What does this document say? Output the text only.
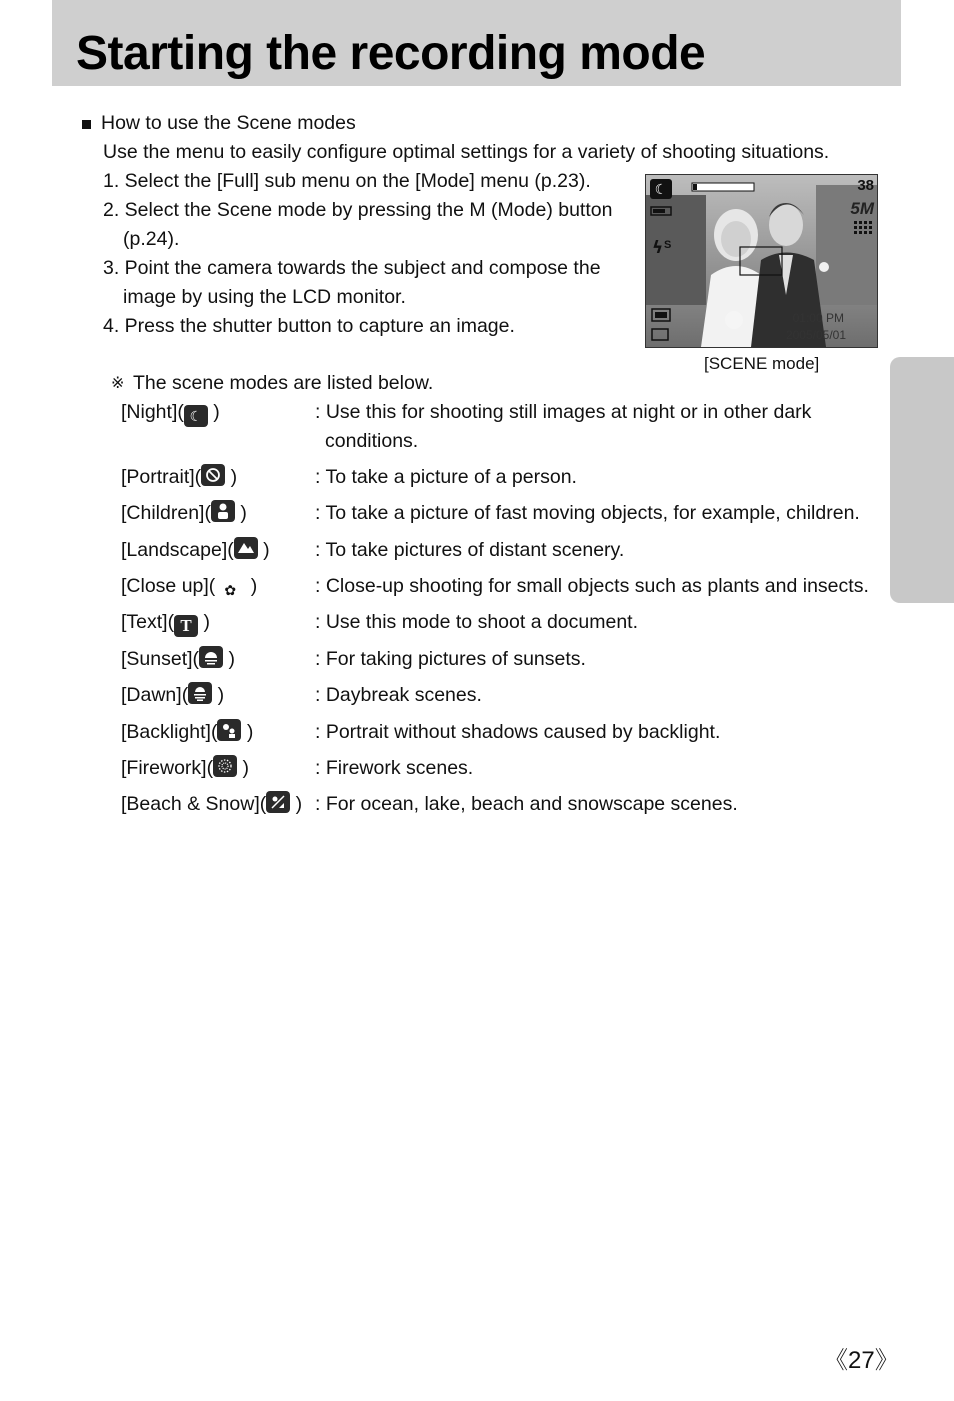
Starting the recording mode
How to use the Scene modes
Use the menu to easily configure optimal settings for a variety of shooting situations.
1. Select the [Full] sub menu on the [Mode] menu (p.23).
2. Select the Scene mode by pressing the M (Mode) button
(p.24).
3. Point the camera towards the subject and compose the
image by using the LCD monitor.
4. Press the shutter button to capture an image.
☾
ϟ
38
5M
S
01:00 PM
2005/05/01
[SCENE mode]
※ The scene modes are listed below.
[Night]( ☾ )	: Use this for shooting still images at night or in other dark
conditions.
[Portrait](
)	: To take a picture of a person.
[Children](
)	: To take a picture of fast moving objects, for example, children.
[Landscape](
) : To take pictures of distant scenery.
[Close up]( ✿ )	: Close-up shooting for small objects such as plants and insects.
[Text]( T )	: Use this mode to shoot a document.
[Sunset](
)	: For taking pictures of sunsets.
[Dawn](
)	: Daybreak scenes.
[Backlight](
)	: Portrait without shadows caused by backlight.
[Firework](
)	: Firework scenes.
[Beach & Snow](
) : For ocean, lake, beach and snowscape scenes.
《27》
